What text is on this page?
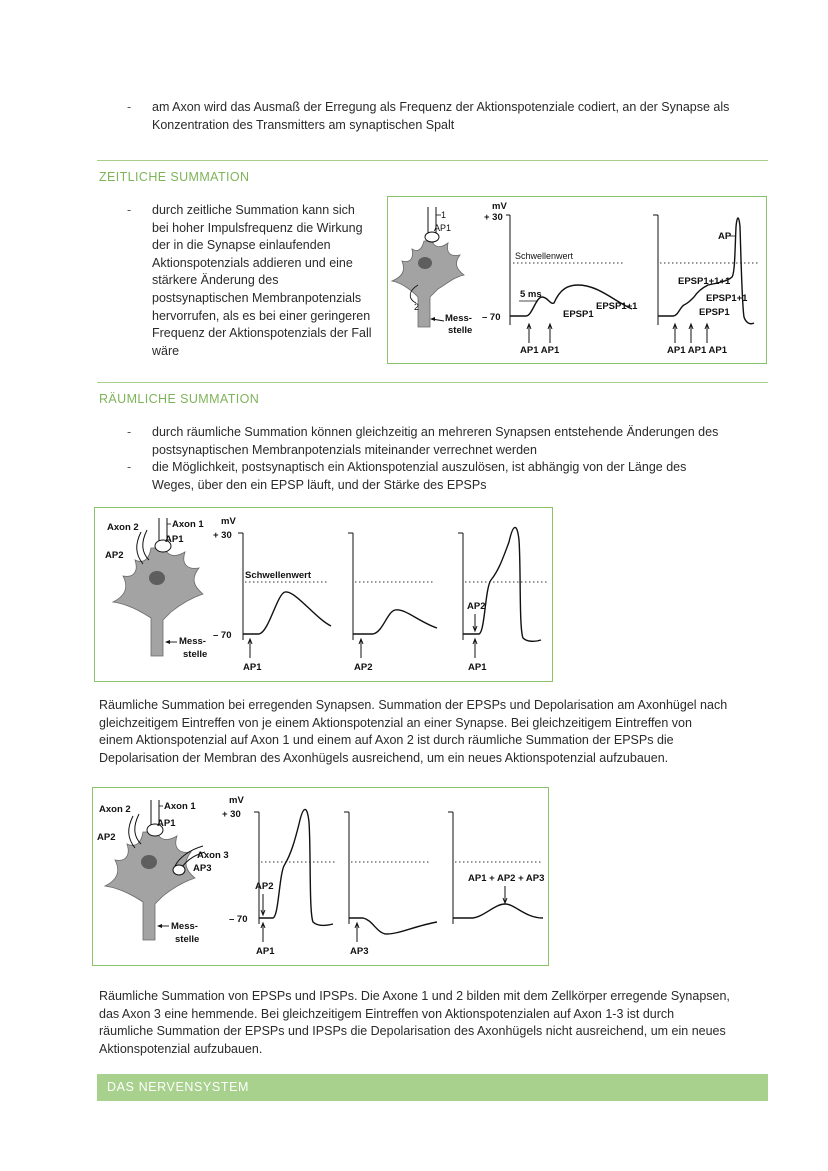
- am Axon wird das Ausmaß der Erregung als Frequenz der Aktionspotenziale codiert, an der Synapse als
Konzentration des Transmitters am synaptischen Spalt
ZEITLICHE SUMMATION
- durch zeitliche Summation kann sich
bei hoher Impulsfrequenz die Wirkung
der in die Synapse einlaufenden
Aktionspotenzials addieren und eine
stärkere Änderung des
postsynaptischen Membranpotenzials
hervorrufen, als es bei einer geringeren
Frequenz der Aktionspotenzials der Fall
wäre
1
AP1
2
Mess-
stelle
mV
+ 30
Schwellenwert
– 70
5 ms
EPSP1
EPSP1+1
AP1 AP1
AP
EPSP1+1+1
EPSP1+1
EPSP1
AP1 AP1 AP1
RÄUMLICHE SUMMATION
- durch räumliche Summation können gleichzeitig an mehreren Synapsen entstehende Änderungen des
postsynaptischen Membranpotenzials miteinander verrechnet werden
- die Möglichkeit, postsynaptisch ein Aktionspotenzial auszulösen, ist abhängig von der Länge des
Weges, über den ein EPSP läuft, und der Stärke des EPSPs
Axon 1
AP1
Axon 2
AP2
Mess-
stelle
mV
+ 30
Schwellenwert
– 70
AP1	AP2
AP2
AP1
Räumliche Summation bei erregenden Synapsen. Summation der EPSPs und Depolarisation am Axonhügel nach
gleichzeitigem Eintreffen von je einem Aktionspotenzial an einer Synapse. Bei gleichzeitigem Eintreffen von
einem Aktionspotenzial auf Axon 1 und einem auf Axon 2 ist durch räumliche Summation der EPSPs die
Depolarisation der Membran des Axonhügels ausreichend, um ein neues Aktionspotenzial aufzubauen.
Axon 1
AP1
Axon 2
AP2
Axon 3
AP3
Mess-
stelle
mV
+ 30
– 70
AP2
AP1	AP3
AP1 + AP2 + AP3
Räumliche Summation von EPSPs und IPSPs. Die Axone 1 und 2 bilden mit dem Zellkörper erregende Synapsen,
das Axon 3 eine hemmende. Bei gleichzeitigem Eintreffen von Aktionspotenzialen auf Axon 1-3 ist durch
räumliche Summation der EPSPs und IPSPs die Depolarisation des Axonhügels nicht ausreichend, um ein neues
Aktionspotenzial aufzubauen.
DAS NERVENSYSTEM
